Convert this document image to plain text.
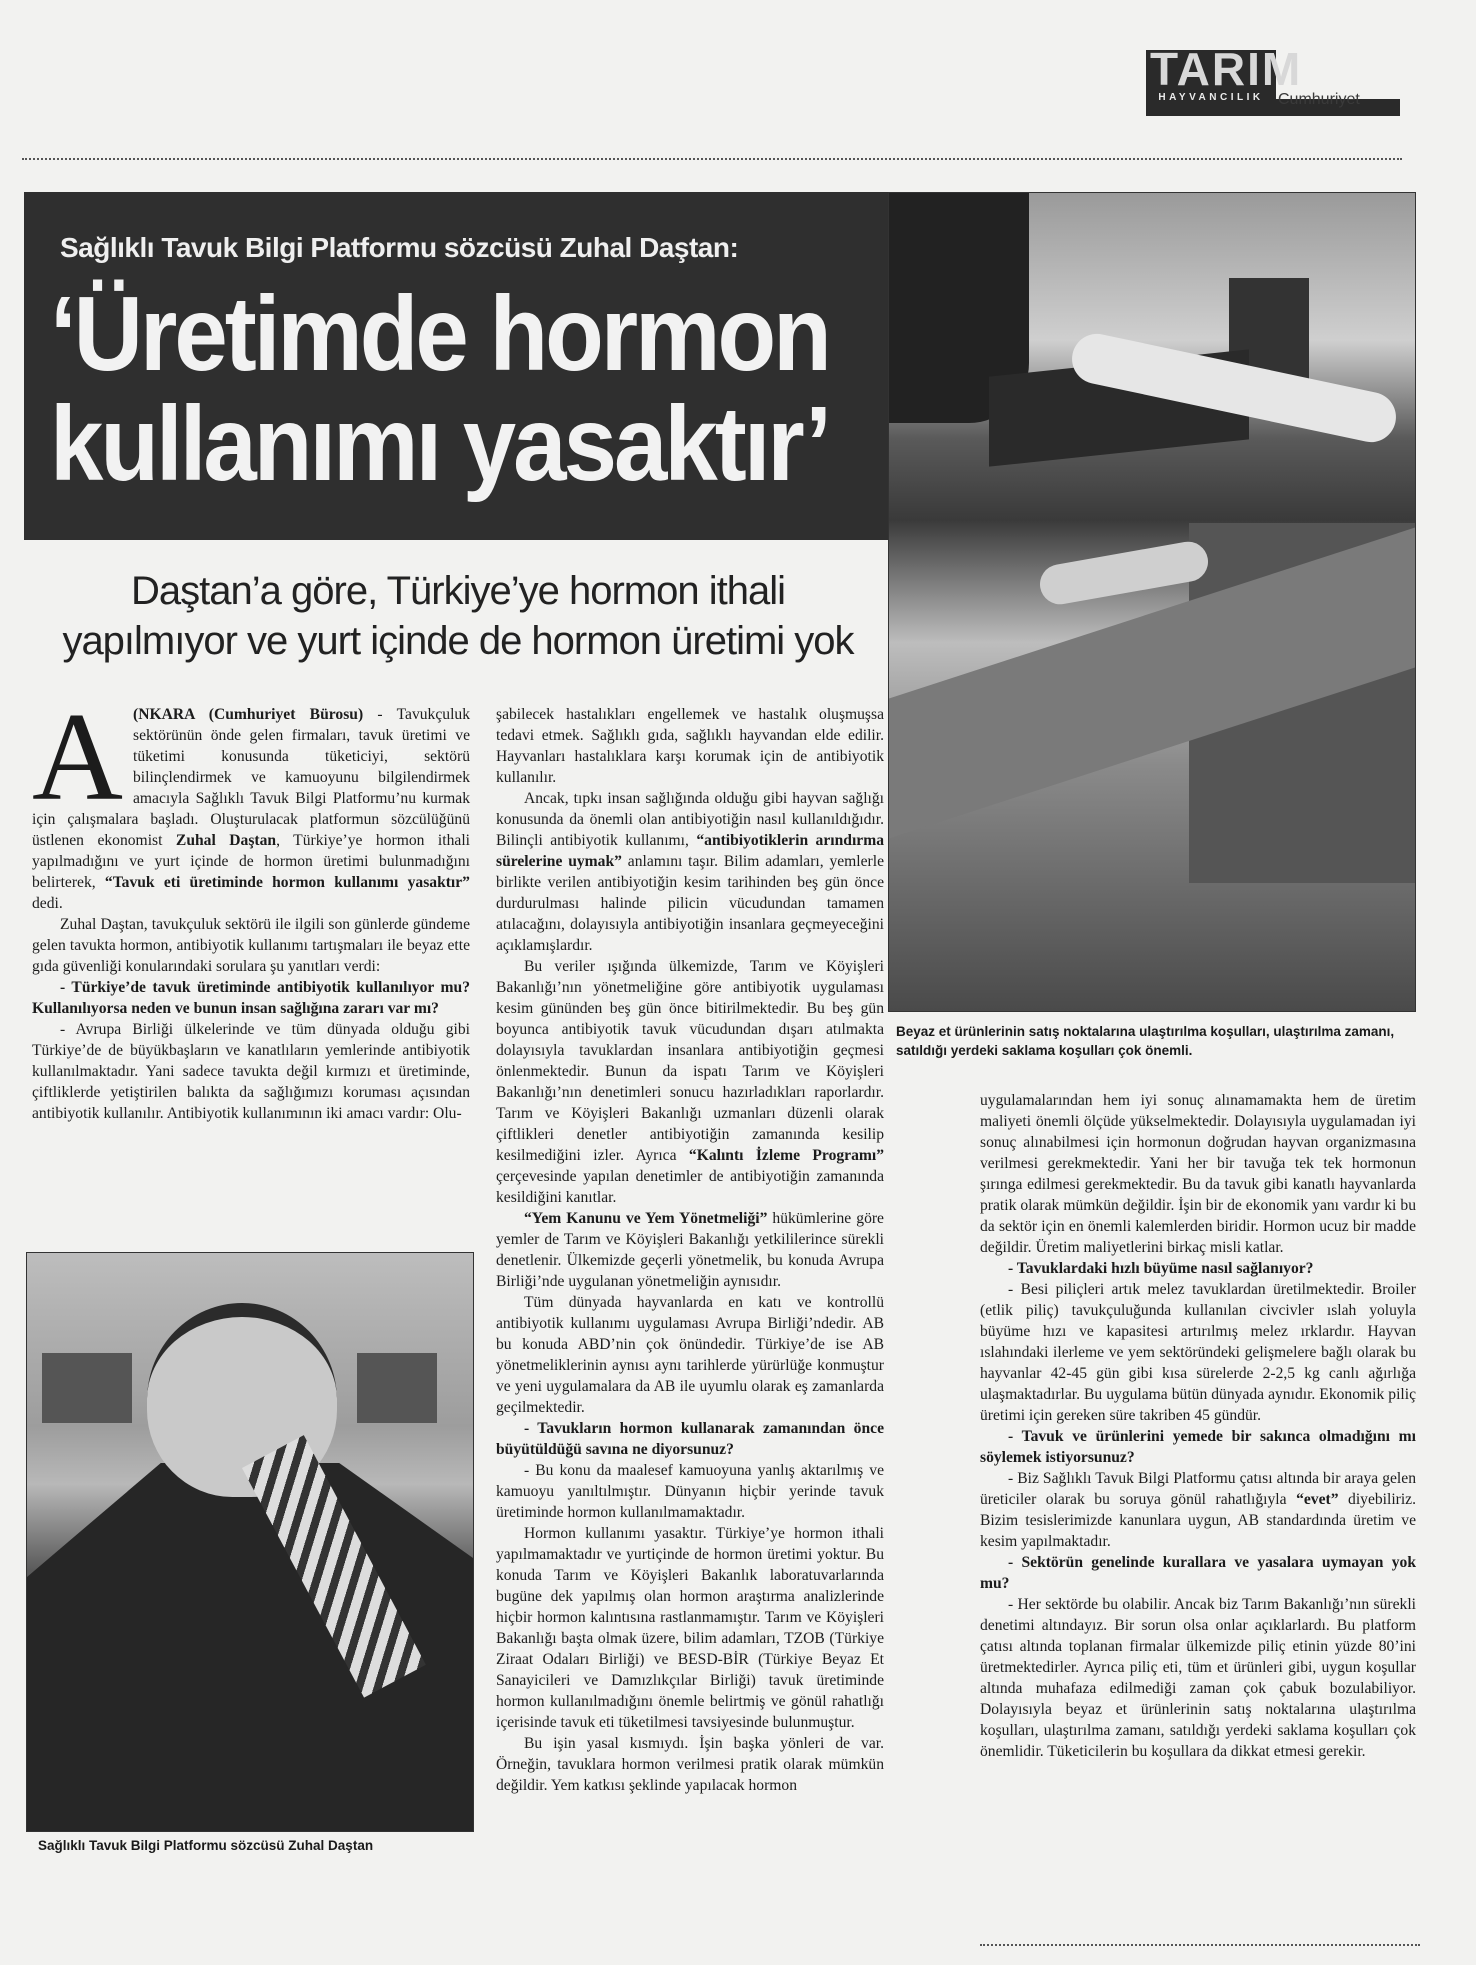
TARIM
HAYVANCILIK Cumhuriyet
Sağlıklı Tavuk Bilgi Platformu sözcüsü Zuhal Daştan:
‘Üretimde hormon
kullanımı yasaktır’
Daştan’a göre, Türkiye’ye hormon ithali
yapılmıyor ve yurt içinde de hormon üretimi yok
Beyaz et ürünlerinin satış noktalarına ulaştırılma koşulları, ulaştırılma zamanı, satıldığı yerdeki saklama koşulları çok önemli.
Sağlıklı Tavuk Bilgi Platformu sözcüsü Zuhal Daştan
A (NKARA (Cumhuriyet Bürosu) - Tavukçuluk sektörünün önde gelen firmaları, tavuk üretimi ve tüketimi konusunda tüketiciyi, sektörü bilinçlendirmek ve kamuoyunu bilgilendirmek amacıyla Sağlıklı Tavuk Bilgi Platformu’nu kurmak için çalışmalara başladı. Oluşturulacak platformun sözcülüğünü üstlenen ekonomist Zuhal Daştan, Türkiye’ye hormon ithali yapılmadığını ve yurt içinde de hormon üretimi bulunmadığını belirterek, “Tavuk eti üretiminde hormon kullanımı yasaktır” dedi.

Zuhal Daştan, tavukçuluk sektörü ile ilgili son günlerde gündeme gelen tavukta hormon, antibiyotik kullanımı tartışmaları ile beyaz ette gıda güvenliği konularındaki sorulara şu yanıtları verdi:

- Türkiye’de tavuk üretiminde antibiyotik kullanılıyor mu? Kullanılıyorsa neden ve bunun insan sağlığına zararı var mı?

- Avrupa Birliği ülkelerinde ve tüm dünyada olduğu gibi Türkiye’de de büyükbaşların ve kanatlıların yemlerinde antibiyotik kullanılmaktadır. Yani sadece tavukta değil kırmızı et üretiminde, çiftliklerde yetiştirilen balıkta da sağlığımızı koruması açısından antibiyotik kullanılır. Antibiyotik kullanımının iki amacı vardır: Olu-

şabilecek hastalıkları engellemek ve hastalık oluşmuşsa tedavi etmek. Sağlıklı gıda, sağlıklı hayvandan elde edilir. Hayvanları hastalıklara karşı korumak için de antibiyotik kullanılır.

Ancak, tıpkı insan sağlığında olduğu gibi hayvan sağlığı konusunda da önemli olan antibiyotiğin nasıl kullanıldığıdır. Bilinçli antibiyotik kullanımı, “antibiyotiklerin arındırma sürelerine uymak” anlamını taşır. Bilim adamları, yemlerle birlikte verilen antibiyotiğin kesim tarihinden beş gün önce durdurulması halinde pilicin vücudundan tamamen atılacağını, dolayısıyla antibiyotiğin insanlara geçmeyeceğini açıklamışlardır.

Bu veriler ışığında ülkemizde, Tarım ve Köyişleri Bakanlığı’nın yönetmeliğine göre antibiyotik uygulaması kesim gününden beş gün önce bitirilmektedir. Bu beş gün boyunca antibiyotik tavuk vücudundan dışarı atılmakta dolayısıyla tavuklardan insanlara antibiyotiğin geçmesi önlenmektedir. Bunun da ispatı Tarım ve Köyişleri Bakanlığı’nın denetimleri sonucu hazırladıkları raporlardır. Tarım ve Köyişleri Bakanlığı uzmanları düzenli olarak çiftlikleri denetler antibiyotiğin zamanında kesilip kesilmediğini izler. Ayrıca “Kalıntı İzleme Programı” çerçevesinde yapılan denetimler de antibiyotiğin zamanında kesildiğini kanıtlar.

“Yem Kanunu ve Yem Yönetmeliği” hükümlerine göre yemler de Tarım ve Köyişleri Bakanlığı yetkililerince sürekli denetlenir. Ülkemizde geçerli yönetmelik, bu konuda Avrupa Birliği’nde uygulanan yönetmeliğin aynısıdır.

Tüm dünyada hayvanlarda en katı ve kontrollü antibiyotik kullanımı uygulaması Avrupa Birliği’ndedir. AB bu konuda ABD’nin çok önündedir. Türkiye’de ise AB yönetmeliklerinin aynısı aynı tarihlerde yürürlüğe konmuştur ve yeni uygulamalara da AB ile uyumlu olarak eş zamanlarda geçilmektedir.

- Tavukların hormon kullanarak zamanından önce büyütüldüğü savına ne diyorsunuz?

- Bu konu da maalesef kamuoyuna yanlış aktarılmış ve kamuoyu yanıltılmıştır. Dünyanın hiçbir yerinde tavuk üretiminde hormon kullanılmamaktadır.

Hormon kullanımı yasaktır. Türkiye’ye hormon ithali yapılmamaktadır ve yurtiçinde de hormon üretimi yoktur. Bu konuda Tarım ve Köyişleri Bakanlık laboratuvarlarında bugüne dek yapılmış olan hormon araştırma analizlerinde hiçbir hormon kalıntısına rastlanmamıştır. Tarım ve Köyişleri Bakanlığı başta olmak üzere, bilim adamları, TZOB (Türkiye Ziraat Odaları Birliği) ve BESD-BİR (Türkiye Beyaz Et Sanayicileri ve Damızlıkçılar Birliği) tavuk üretiminde hormon kullanılmadığını önemle belirtmiş ve gönül rahatlığı içerisinde tavuk eti tüketilmesi tavsiyesinde bulunmuştur.

Bu işin yasal kısmıydı. İşin başka yönleri de var. Örneğin, tavuklara hormon verilmesi pratik olarak mümkün değildir. Yem katkısı şeklinde yapılacak hormon

uygulamalarından hem iyi sonuç alınamamakta hem de üretim maliyeti önemli ölçüde yükselmektedir. Dolayısıyla uygulamadan iyi sonuç alınabilmesi için hormonun doğrudan hayvan organizmasına verilmesi gerekmektedir. Yani her bir tavuğa tek tek hormonun şırınga edilmesi gerekmektedir. Bu da tavuk gibi kanatlı hayvanlarda pratik olarak mümkün değildir. İşin bir de ekonomik yanı vardır ki bu da sektör için en önemli kalemlerden biridir. Hormon ucuz bir madde değildir. Üretim maliyetlerini birkaç misli katlar.

- Tavuklardaki hızlı büyüme nasıl sağlanıyor?

- Besi piliçleri artık melez tavuklardan üretilmektedir. Broiler (etlik piliç) tavukçuluğunda kullanılan civcivler ıslah yoluyla büyüme hızı ve kapasitesi artırılmış melez ırklardır. Hayvan ıslahındaki ilerleme ve yem sektöründeki gelişmelere bağlı olarak bu hayvanlar 42-45 gün gibi kısa sürelerde 2-2,5 kg canlı ağırlığa ulaşmaktadırlar. Bu uygulama bütün dünyada aynıdır. Ekonomik piliç üretimi için gereken süre takriben 45 gündür.

- Tavuk ve ürünlerini yemede bir sakınca olmadığını mı söylemek istiyorsunuz?

- Biz Sağlıklı Tavuk Bilgi Platformu çatısı altında bir araya gelen üreticiler olarak bu soruya gönül rahatlığıyla “evet” diyebiliriz. Bizim tesislerimizde kanunlara uygun, AB standardında üretim ve kesim yapılmaktadır.

- Sektörün genelinde kurallara ve yasalara uymayan yok mu?

- Her sektörde bu olabilir. Ancak biz Tarım Bakanlığı’nın sürekli denetimi altındayız. Bir sorun olsa onlar açıklarlardı. Bu platform çatısı altında toplanan firmalar ülkemizde piliç etinin yüzde 80’ini üretmektedirler. Ayrıca piliç eti, tüm et ürünleri gibi, uygun koşullar altında muhafaza edilmediği zaman çok çabuk bozulabiliyor. Dolayısıyla beyaz et ürünlerinin satış noktalarına ulaştırılma koşulları, ulaştırılma zamanı, satıldığı yerdeki saklama koşulları çok önemlidir. Tüketicilerin bu koşullara da dikkat etmesi gerekir.
